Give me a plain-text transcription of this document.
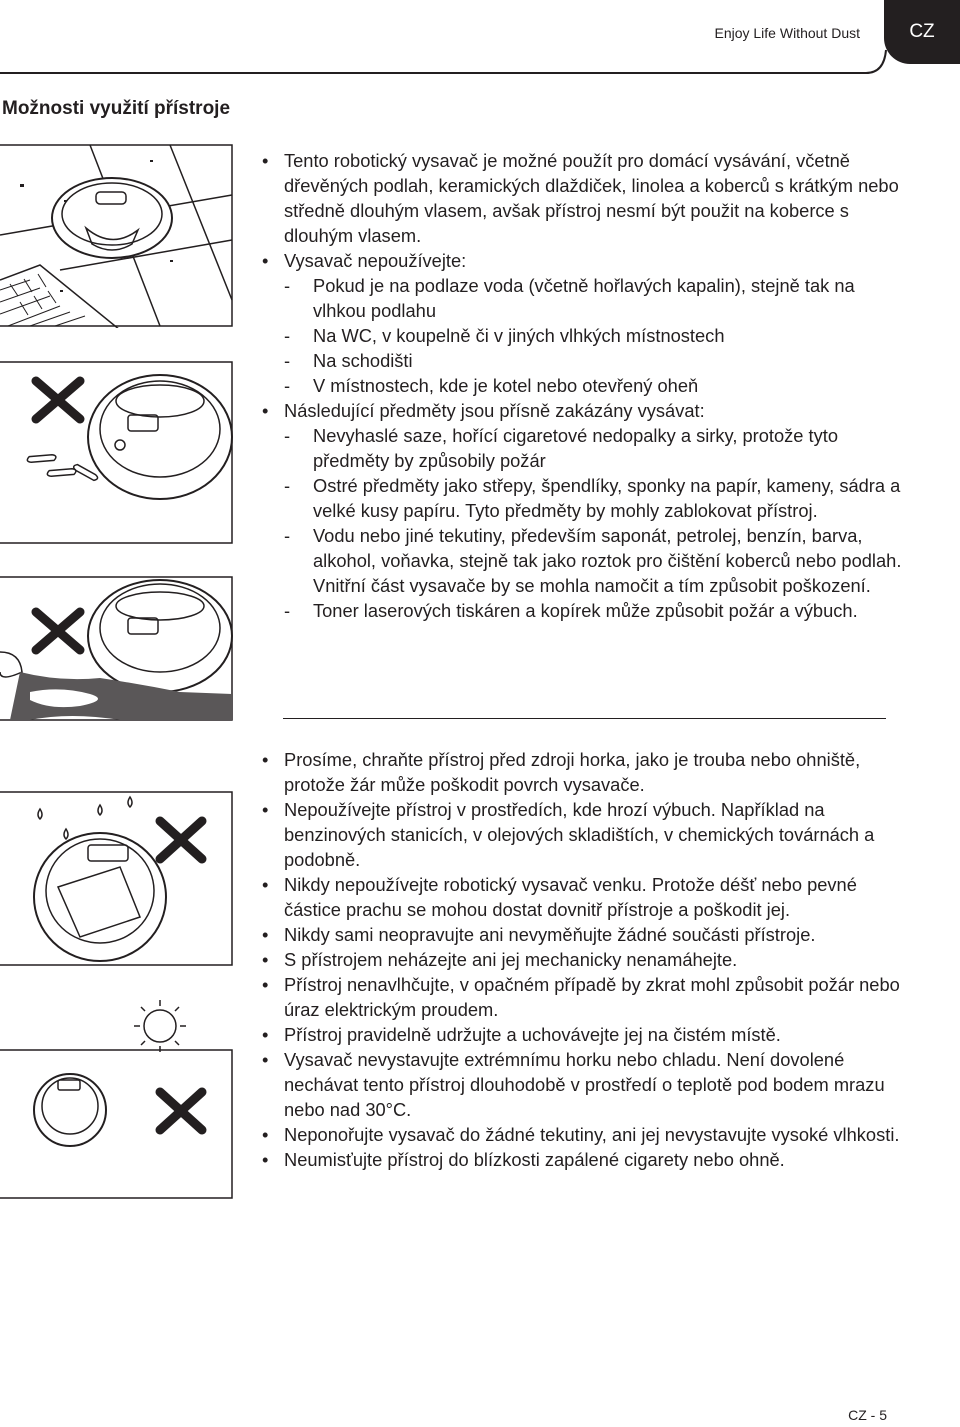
Enjoy Life Without Dust	CZ
Možnosti využití přístroje
• Tento robotický vysavač je možné použít pro domácí vysávání, včetně dřevěných podlah, keramických dlaždiček, linolea a koberců s krátkým nebo středně dlouhým vlasem, avšak přístroj nesmí být použit na koberce s dlouhým vlasem.
• Vysavač nepoužívejte:
- Pokud je na podlaze voda (včetně hořlavých kapalin), stejně tak na vlhkou podlahu
- Na WC, v koupelně či v jiných vlhkých místnostech
- Na schodišti
- V místnostech, kde je kotel nebo otevřený oheň
• Následující předměty jsou přísně zakázány vysávat:
- Nevyhaslé saze, hořící cigaretové nedopalky a sirky, protože tyto předměty by způsobily požár
- Ostré předměty jako střepy, špendlíky, sponky na papír, kameny, sádra a velké kusy papíru. Tyto předměty by mohly zablokovat přístroj.
- Vodu nebo jiné tekutiny, především saponát, petrolej, benzín, barva, alkohol, voňavka, stejně tak jako roztok pro čištění koberců nebo podlah. Vnitřní část vysavače by se mohla namočit a tím způsobit poškození.
- Toner laserových tiskáren a kopírek může způsobit požár a výbuch.
• Prosíme, chraňte přístroj před zdroji horka, jako je trouba nebo ohniště, protože žár může poškodit povrch vysavače.
• Nepoužívejte přístroj v prostředích, kde hrozí výbuch. Například na benzinových stanicích, v olejových skladištích, v chemických továrnách a podobně.
• Nikdy nepoužívejte robotický vysavač venku. Protože déšť nebo pevné částice prachu se mohou dostat dovnitř přístroje a poškodit jej.
• Nikdy sami neopravujte ani nevyměňujte žádné součásti přístroje.
• S přístrojem neházejte ani jej mechanicky nenamáhejte.
• Přístroj nenavlhčujte, v opačném případě by zkrat mohl způsobit požár nebo úraz elektrickým proudem.
• Přístroj pravidelně udržujte a uchovávejte jej na čistém místě.
• Vysavač nevystavujte extrémnímu horku nebo chladu. Není dovolené nechávat tento přístroj dlouhodobě v prostředí o teplotě pod bodem mrazu nebo nad 30°C.
• Neponořujte vysavač do žádné tekutiny, ani jej nevystavujte vysoké vlhkosti.
• Neumisťujte přístroj do blízkosti zapálené cigarety nebo ohně.
CZ - 5
